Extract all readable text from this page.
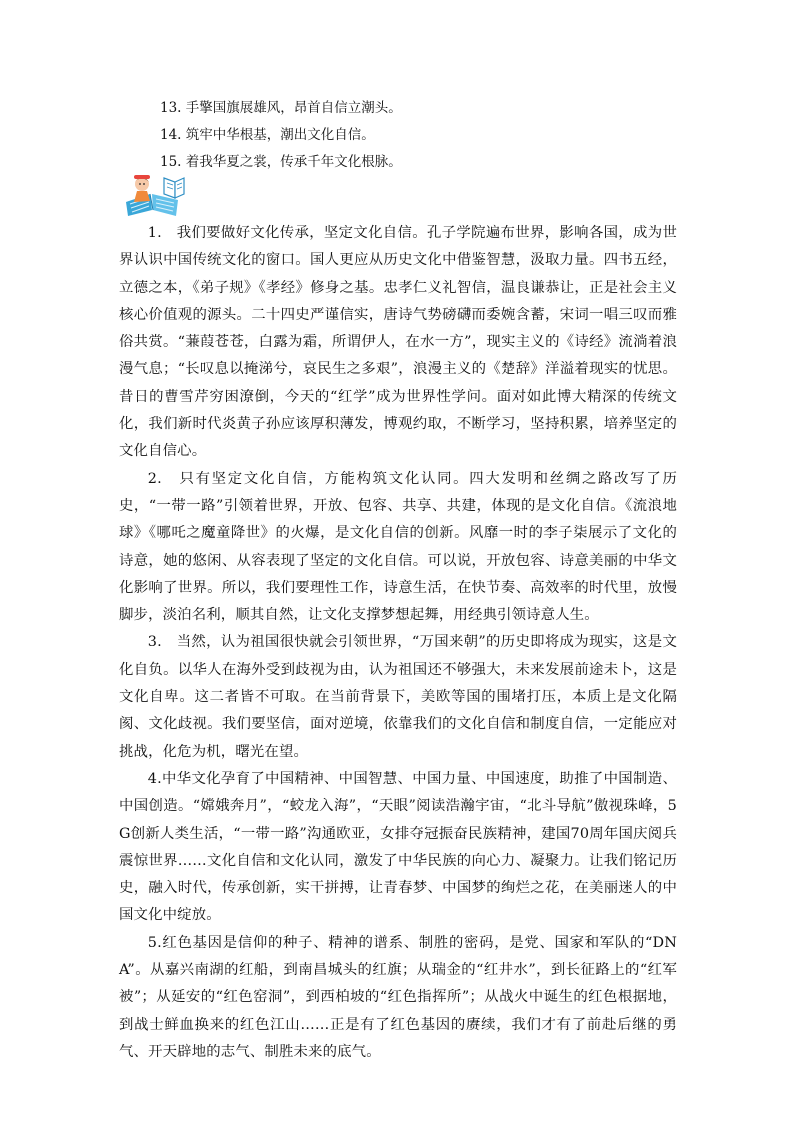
13. 手擎国旗展雄风，昂首自信立潮头。
14. 筑牢中华根基，潮出文化自信。
15. 着我华夏之裳，传承千年文化根脉。

1.　我们要做好文化传承，坚定文化自信。孔子学院遍布世界，影响各国，成为世界认识中国传统文化的窗口。国人更应从历史文化中借鉴智慧，汲取力量。四书五经，立德之本，《弟子规》《孝经》修身之基。忠孝仁义礼智信，温良谦恭让，正是社会主义核心价值观的源头。二十四史严谨信实，唐诗气势磅礴而委婉含蓄，宋词一唱三叹而雅俗共赏。“蒹葭苍苍，白露为霜，所谓伊人，在水一方”，现实主义的《诗经》流淌着浪漫气息；“长叹息以掩涕兮，哀民生之多艰”，浪漫主义的《楚辞》洋溢着现实的忧思。昔日的曹雪芹穷困潦倒，今天的“红学”成为世界性学问。面对如此博大精深的传统文化，我们新时代炎黄子孙应该厚积薄发，博观约取，不断学习，坚持积累，培养坚定的文化自信心。

2.　只有坚定文化自信，方能构筑文化认同。四大发明和丝绸之路改写了历史，“一带一路”引领着世界，开放、包容、共享、共建，体现的是文化自信。《流浪地球》《哪吒之魔童降世》的火爆，是文化自信的创新。风靡一时的李子柒展示了文化的诗意，她的悠闲、从容表现了坚定的文化自信。可以说，开放包容、诗意美丽的中华文化影响了世界。所以，我们要理性工作，诗意生活，在快节奏、高效率的时代里，放慢脚步，淡泊名利，顺其自然，让文化支撑梦想起舞，用经典引领诗意人生。

3.　当然，认为祖国很快就会引领世界，“万国来朝”的历史即将成为现实，这是文化自负。以华人在海外受到歧视为由，认为祖国还不够强大，未来发展前途未卜，这是文化自卑。这二者皆不可取。在当前背景下，美欧等国的围堵打压，本质上是文化隔阂、文化歧视。我们要坚信，面对逆境，依靠我们的文化自信和制度自信，一定能应对挑战，化危为机，曙光在望。

4.中华文化孕育了中国精神、中国智慧、中国力量、中国速度，助推了中国制造、中国创造。“嫦娥奔月”，“蛟龙入海”，“天眼”阅读浩瀚宇宙，“北斗导航”傲视珠峰，5G创新人类生活，“一带一路”沟通欧亚，女排夺冠振奋民族精神，建国70周年国庆阅兵震惊世界……文化自信和文化认同，激发了中华民族的向心力、凝聚力。让我们铭记历史，融入时代，传承创新，实干拼搏，让青春梦、中国梦的绚烂之花，在美丽迷人的中国文化中绽放。

5.红色基因是信仰的种子、精神的谱系、制胜的密码，是党、国家和军队的“DNA”。从嘉兴南湖的红船，到南昌城头的红旗；从瑞金的“红井水”，到长征路上的“红军被”；从延安的“红色窑洞”，到西柏坡的“红色指挥所”；从战火中诞生的红色根据地，到战士鲜血换来的红色江山……正是有了红色基因的赓续，我们才有了前赴后继的勇气、开天辟地的志气、制胜未来的底气。
